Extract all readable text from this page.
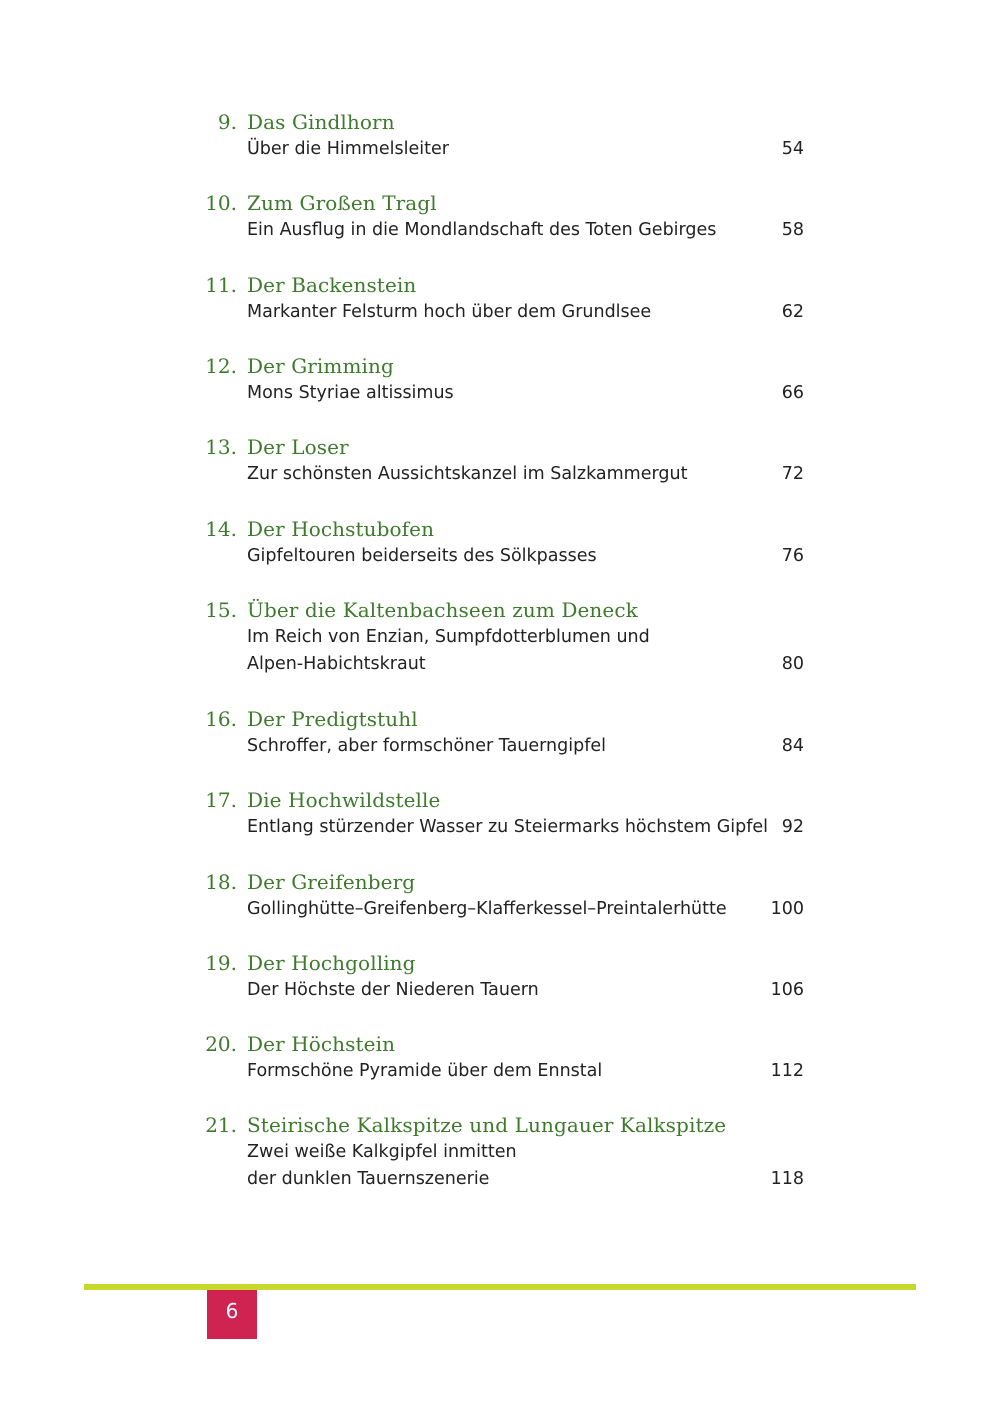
9. Das Gindlhorn
Über die Himmelsleiter	54
10. Zum Großen Tragl
Ein Ausflug in die Mondlandschaft des Toten Gebirges	58
11. Der Backenstein
Markanter Felsturm hoch über dem Grundlsee	62
12. Der Grimming
Mons Styriae altissimus	66
13. Der Loser
Zur schönsten Aussichtskanzel im Salzkammergut	72
14. Der Hochstubofen
Gipfeltouren beiderseits des Sölkpasses	76
15. Über die Kaltenbachseen zum Deneck
Im Reich von Enzian, Sumpfdotterblumen und
Alpen-Habichtskraut	80
16. Der Predigtstuhl
Schroffer, aber formschöner Tauerngipfel	84
17. Die Hochwildstelle
Entlang stürzender Wasser zu Steiermarks höchstem Gipfel 92
18. Der Greifenberg
Gollinghütte–Greifenberg–Klafferkessel–Preintalerhütte	100
19. Der Hochgolling
Der Höchste der Niederen Tauern	106
20. Der Höchstein
Formschöne Pyramide über dem Ennstal	112
21. Steirische Kalkspitze und Lungauer Kalkspitze
Zwei weiße Kalkgipfel inmitten
der dunklen Tauernszenerie	118
6
